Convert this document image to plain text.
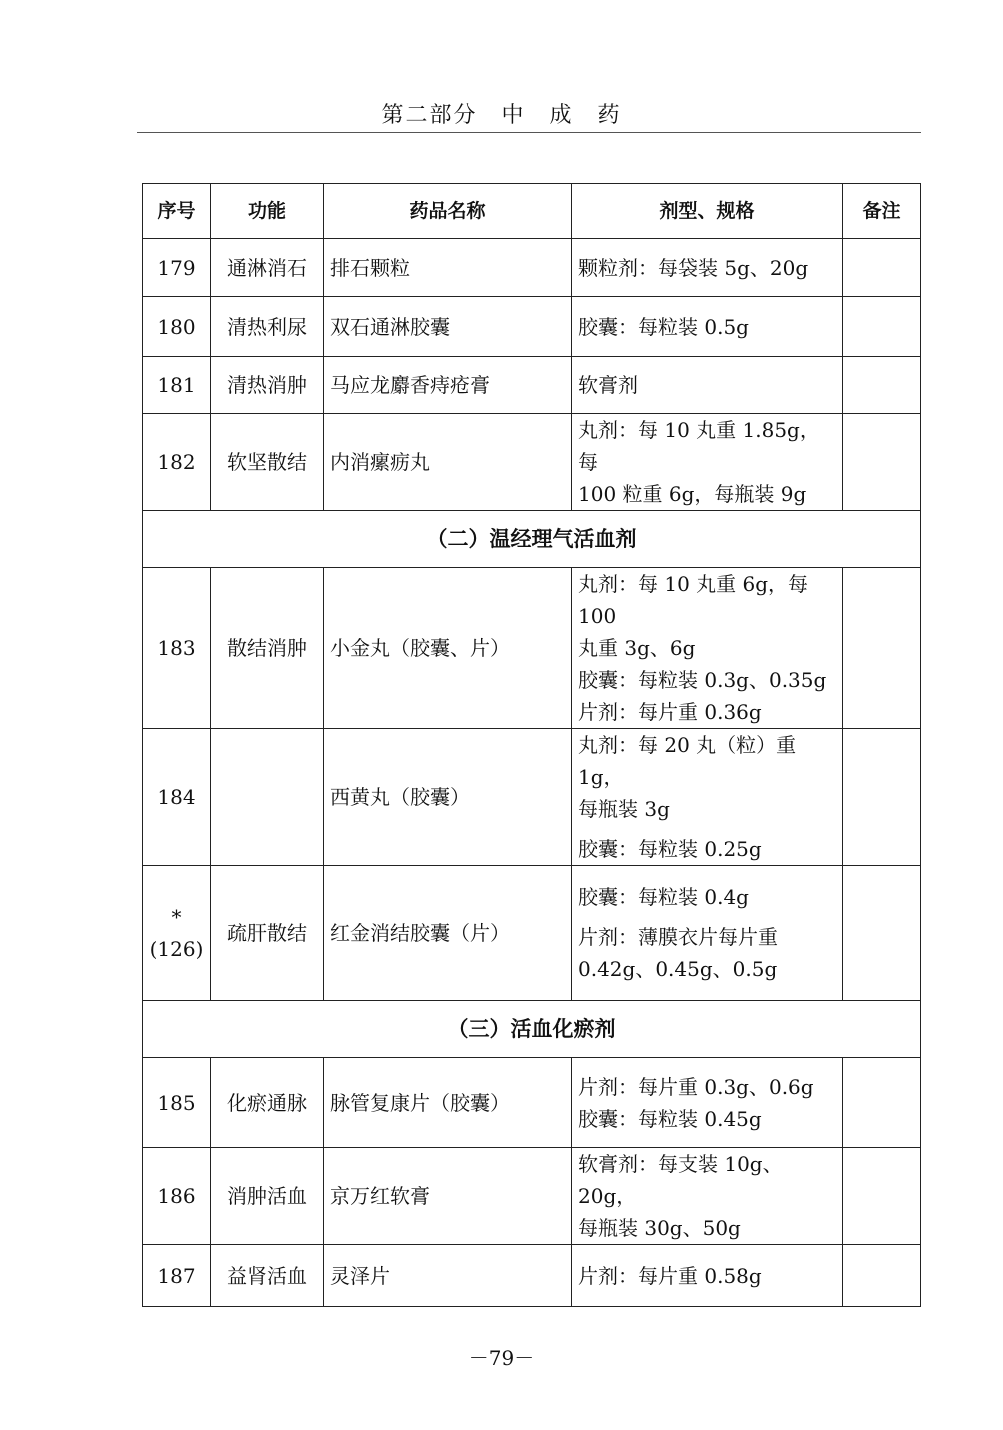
第二部分　中　成　药
序号	功能	药品名称	剂型、规格	备注
179	通淋消石	排石颗粒	颗粒剂：每袋装 5g、20g	

180	清热利尿	双石通淋胶囊	胶囊：每粒装 0.5g	

181	清热消肿	马应龙麝香痔疮膏	软膏剂	

182	软坚散结	内消瘰疬丸	丸剂：每 10 丸重 1.85g，每
100 粒重 6g，每瓶装 9g	

（二）温经理气活血剂				
183	散结消肿	小金丸（胶囊、片）	丸剂：每 10 丸重 6g，每 100
丸重 3g、6g
胶囊：每粒装 0.3g、0.35g
片剂：每片重 0.36g	

184		西黄丸（胶囊）	丸剂：每 20 丸（粒）重 1g，
每瓶装 3g
胶囊：每粒装 0.25g	

*(126)	疏肝散结	红金消结胶囊（片）	胶囊：每粒装 0.4g
片剂：薄膜衣片每片重
0.42g、0.45g、0.5g	

（三）活血化瘀剂				
185	化瘀通脉	脉管复康片（胶囊）	片剂：每片重 0.3g、0.6g
胶囊：每粒装 0.45g	

186	消肿活血	京万红软膏	软膏剂：每支装 10g、20g，
每瓶装 30g、50g	

187	益肾活血	灵泽片	片剂：每片重 0.58g	

－79－
